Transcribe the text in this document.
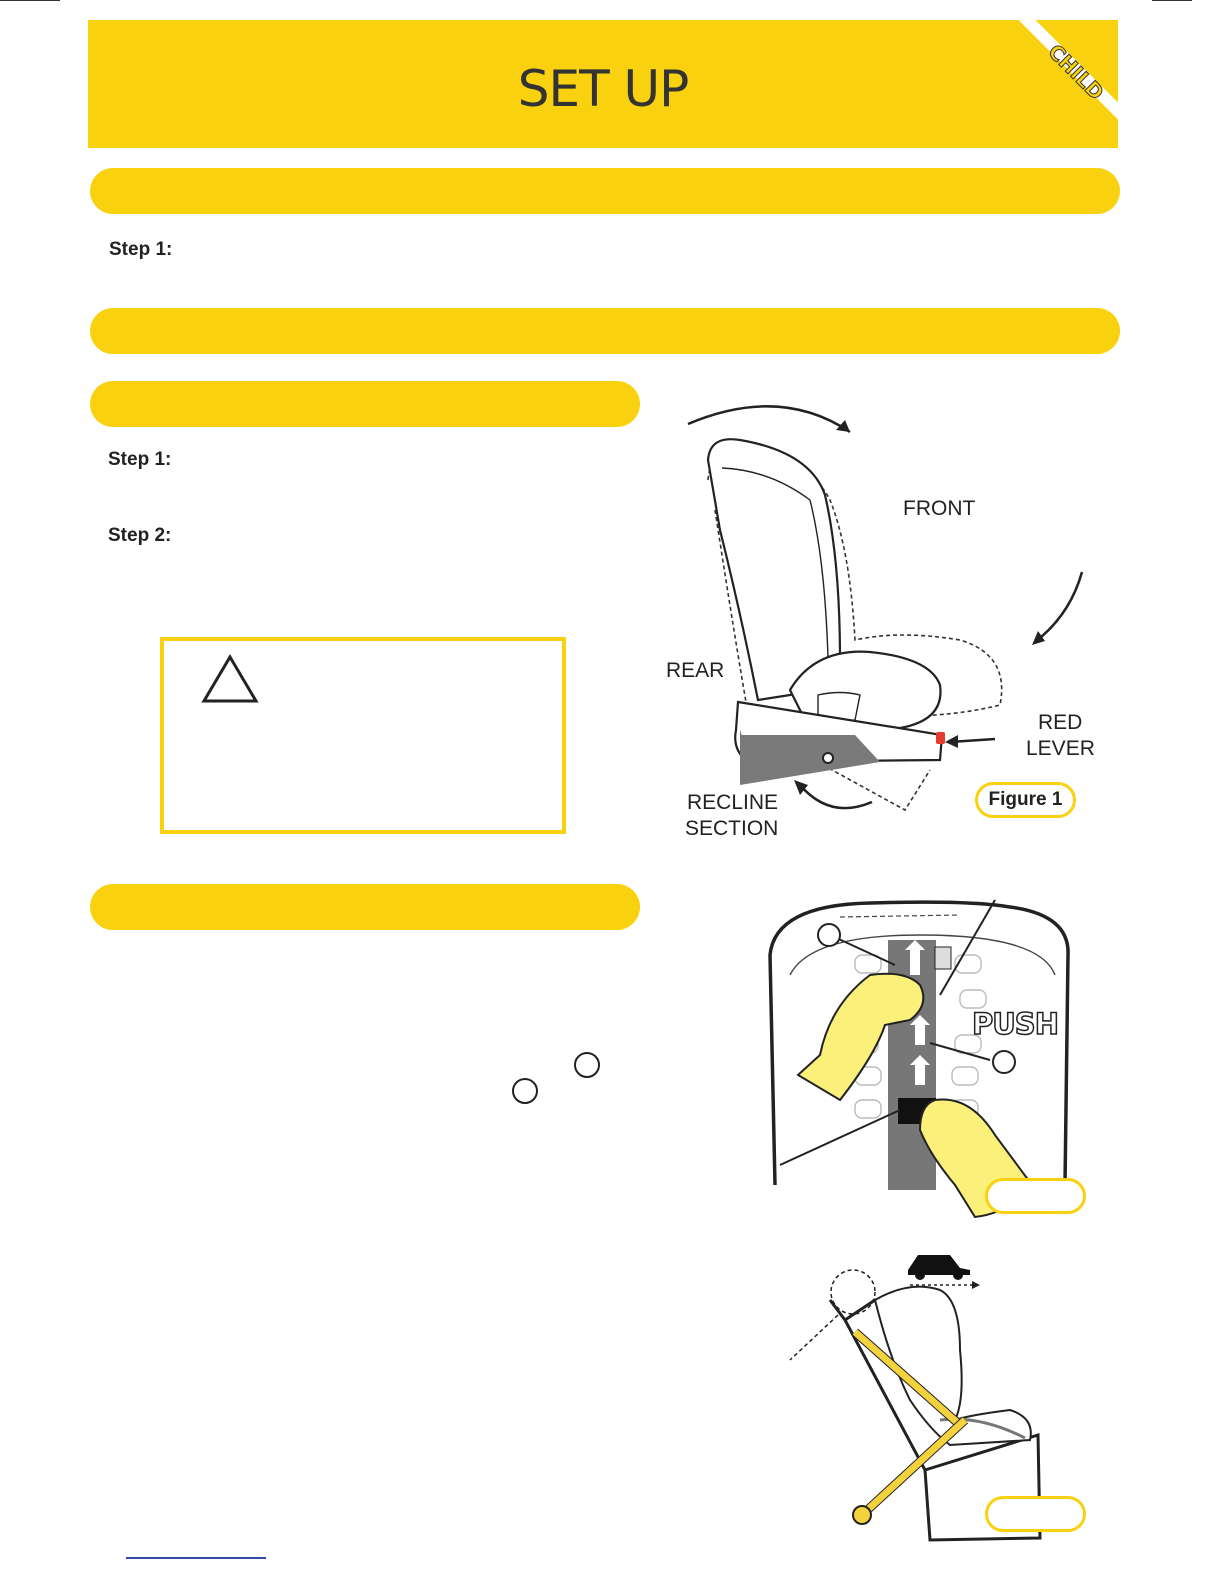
SET UP	CHILD
Step 1:
Step 1:
Step 2:
FRONT
REAR
RED
LEVER
RECLINE
SECTION
Figure 1
PUSH
